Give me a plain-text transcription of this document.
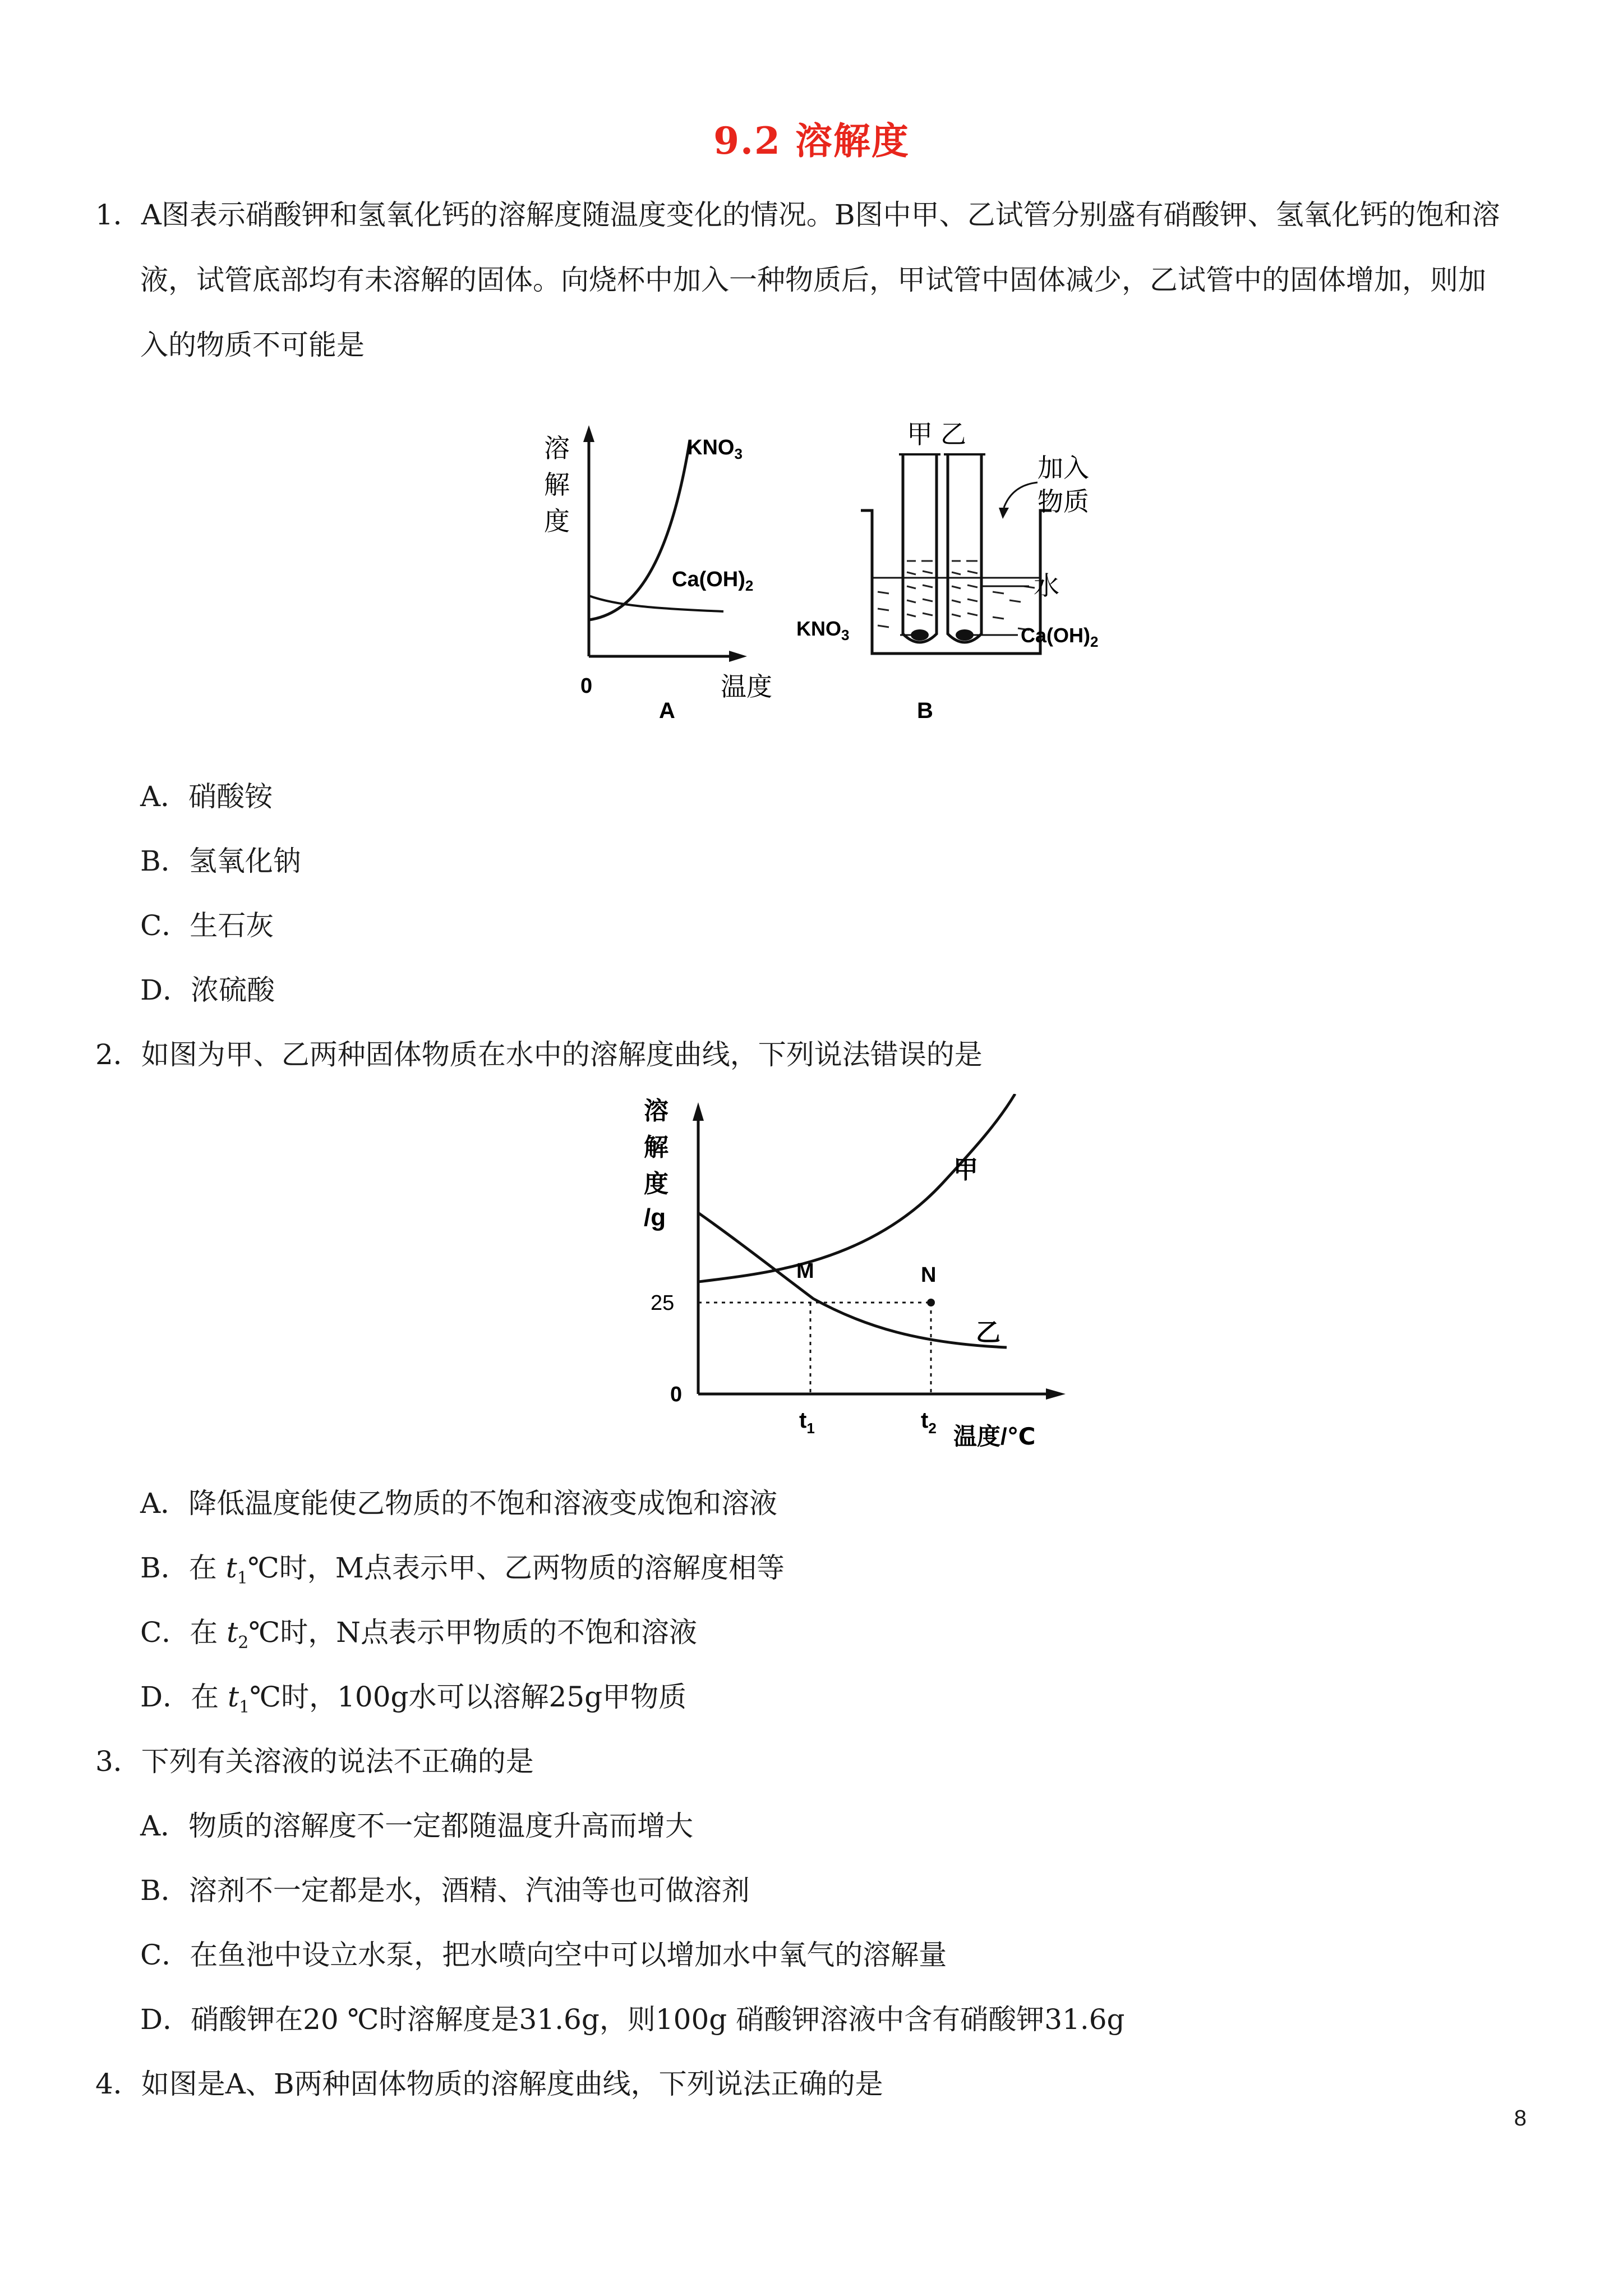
9.2 溶解度
1．A图表示硝酸钾和氢氧化钙的溶解度随温度变化的情况。B图中甲、乙试管分别盛有硝酸钾、氢氧化钙的饱和溶
液，试管底部均有未溶解的固体。向烧杯中加入一种物质后，甲试管中固体减少，乙试管中的固体增加，则加
入的物质不可能是
溶
解
度
$KNO_3$
$Ca(OH)_2$
0	温度
A
甲 乙
加入
物质
水
$KNO_3$	$Ca(OH)_2$
B
A．硝酸铵
B．氢氧化钠
C．生石灰
D．浓硫酸
2．如图为甲、乙两种固体物质在水中的溶解度曲线，下列说法错误的是
溶
解
度
/g
25
0
M	N
甲
乙
$t_1$	$t_2$ 温度/℃
A．降低温度能使乙物质的不饱和溶液变成饱和溶液
B．在 $t_1℃$时，M点表示甲、乙两物质的溶解度相等
C．在 $t_2℃$时，N点表示甲物质的不饱和溶液
D．在 $t_1℃$时，100g水可以溶解25g甲物质
3．下列有关溶液的说法不正确的是
A．物质的溶解度不一定都随温度升高而增大
B．溶剂不一定都是水，酒精、汽油等也可做溶剂
C．在鱼池中设立水泵，把水喷向空中可以增加水中氧气的溶解量
D．硝酸钾在20 ℃时溶解度是31.6g，则100g 硝酸钾溶液中含有硝酸钾31.6g
4．如图是A、B两种固体物质的溶解度曲线，下列说法正确的是
8
